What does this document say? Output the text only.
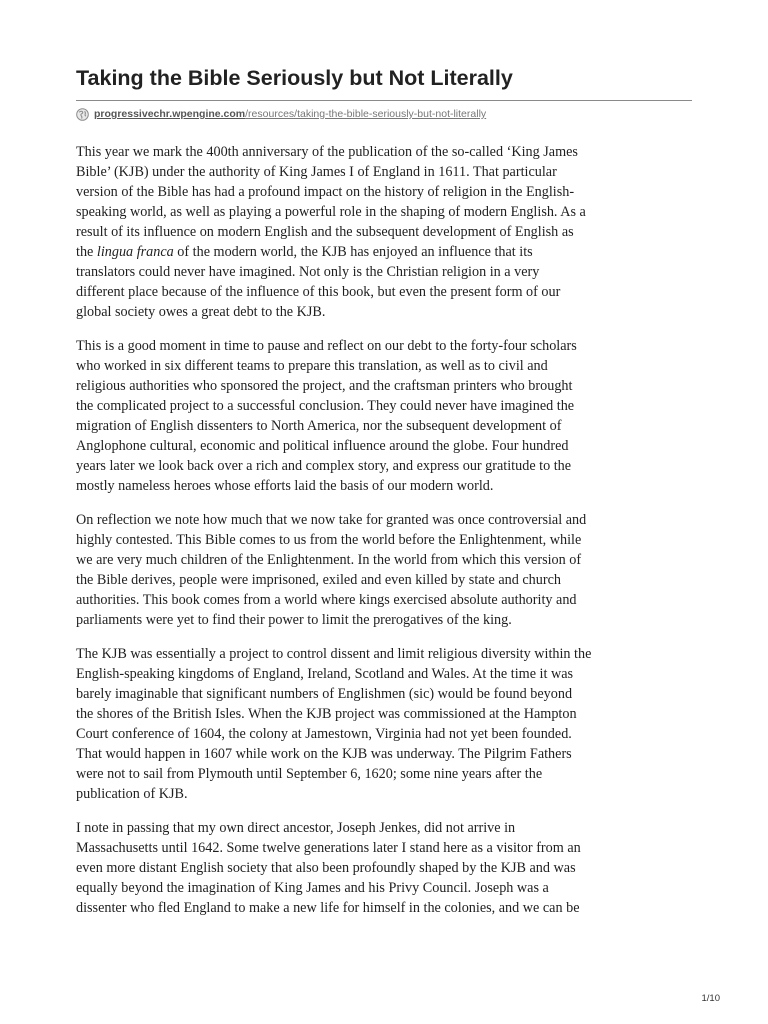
Taking the Bible Seriously but Not Literally
progressivechr.wpengine.com /resources/taking-the-bible-seriously-but-not-literally

This year we mark the 400th anniversary of the publication of the so-called ‘King James
Bible’ (KJB) under the authority of King James I of England in 1611. That particular
version of the Bible has had a profound impact on the history of religion in the English-
speaking world, as well as playing a powerful role in the shaping of modern English. As a
result of its influence on modern English and the subsequent development of English as
the lingua franca of the modern world, the KJB has enjoyed an influence that its
translators could never have imagined. Not only is the Christian religion in a very
different place because of the influence of this book, but even the present form of our
global society owes a great debt to the KJB.

This is a good moment in time to pause and reflect on our debt to the forty-four scholars
who worked in six different teams to prepare this translation, as well as to civil and
religious authorities who sponsored the project, and the craftsman printers who brought
the complicated project to a successful conclusion. They could never have imagined the
migration of English dissenters to North America, nor the subsequent development of
Anglophone cultural, economic and political influence around the globe. Four hundred
years later we look back over a rich and complex story, and express our gratitude to the
mostly nameless heroes whose efforts laid the basis of our modern world.

On reflection we note how much that we now take for granted was once controversial and
highly contested. This Bible comes to us from the world before the Enlightenment, while
we are very much children of the Enlightenment. In the world from which this version of
the Bible derives, people were imprisoned, exiled and even killed by state and church
authorities. This book comes from a world where kings exercised absolute authority and
parliaments were yet to find their power to limit the prerogatives of the king.

The KJB was essentially a project to control dissent and limit religious diversity within the
English-speaking kingdoms of England, Ireland, Scotland and Wales. At the time it was
barely imaginable that significant numbers of Englishmen (sic) would be found beyond
the shores of the British Isles. When the KJB project was commissioned at the Hampton
Court conference of 1604, the colony at Jamestown, Virginia had not yet been founded.
That would happen in 1607 while work on the KJB was underway. The Pilgrim Fathers
were not to sail from Plymouth until September 6, 1620; some nine years after the
publication of KJB.

I note in passing that my own direct ancestor, Joseph Jenkes, did not arrive in
Massachusetts until 1642. Some twelve generations later I stand here as a visitor from an
even more distant English society that also been profoundly shaped by the KJB and was
equally beyond the imagination of King James and his Privy Council. Joseph was a
dissenter who fled England to make a new life for himself in the colonies, and we can be

1/10
